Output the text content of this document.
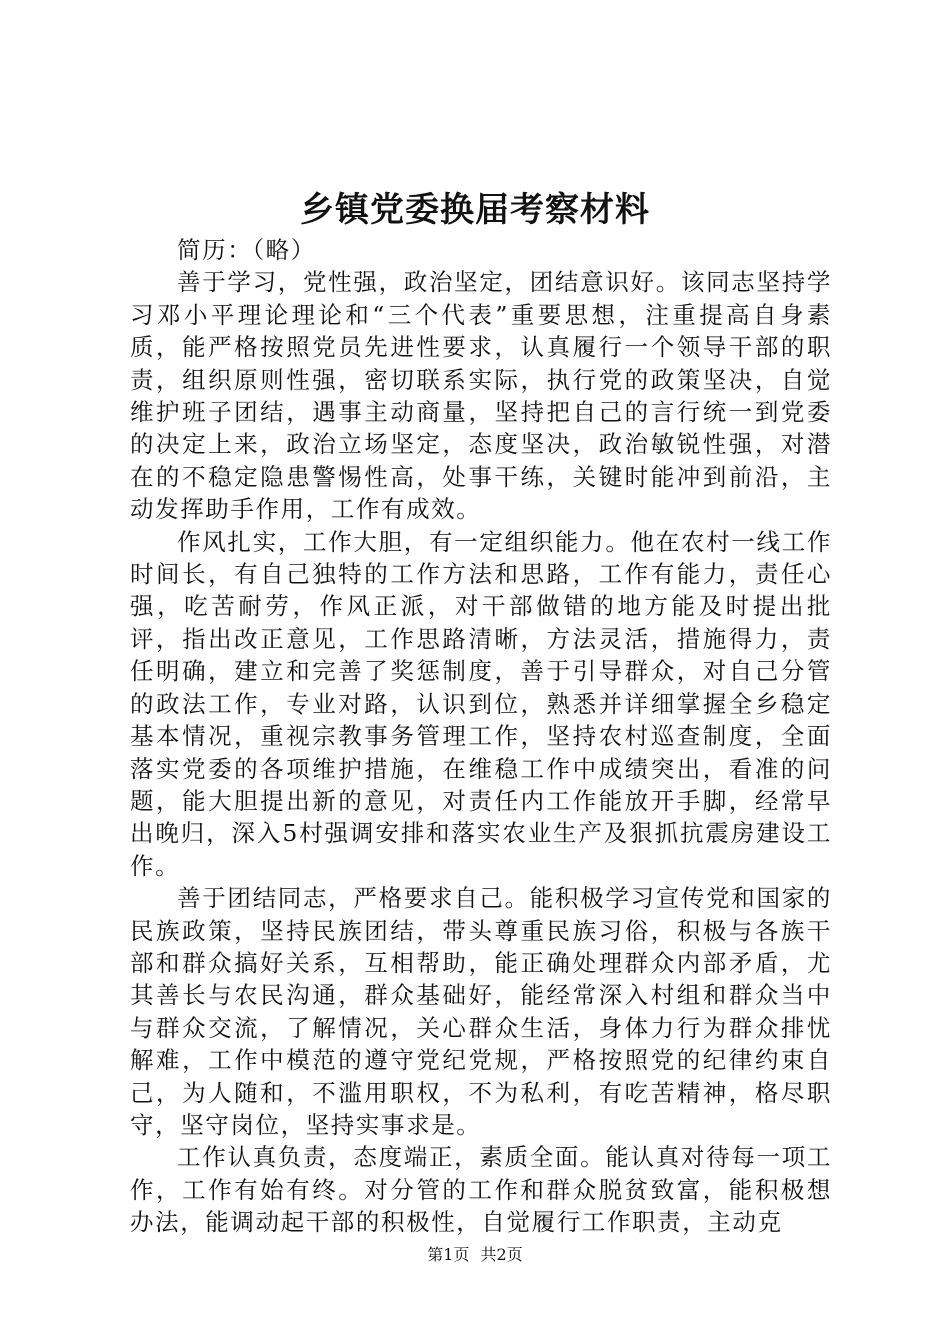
乡镇党委换届考察材料

简历：（略）

善于学习，党性强，政治坚定，团结意识好。该同志坚持学习邓小平理论理论和“三个代表”重要思想，注重提高自身素质，能严格按照党员先进性要求，认真履行一个领导干部的职责，组织原则性强，密切联系实际，执行党的政策坚决，自觉维护班子团结，遇事主动商量，坚持把自己的言行统一到党委的决定上来，政治立场坚定，态度坚决，政治敏锐性强，对潜在的不稳定隐患警惕性高，处事干练，关键时能冲到前沿，主动发挥助手作用，工作有成效。

作风扎实，工作大胆，有一定组织能力。他在农村一线工作时间长，有自己独特的工作方法和思路，工作有能力，责任心强，吃苦耐劳，作风正派，对干部做错的地方能及时提出批评，指出改正意见，工作思路清晰，方法灵活，措施得力，责任明确，建立和完善了奖惩制度，善于引导群众，对自己分管的政法工作，专业对路，认识到位，熟悉并详细掌握全乡稳定基本情况，重视宗教事务管理工作，坚持农村巡查制度，全面落实党委的各项维护措施，在维稳工作中成绩突出，看准的问题，能大胆提出新的意见，对责任内工作能放开手脚，经常早出晚归，深入5村强调安排和落实农业生产及狠抓抗震房建设工作。

善于团结同志，严格要求自己。能积极学习宣传党和国家的民族政策，坚持民族团结，带头尊重民族习俗，积极与各族干部和群众搞好关系，互相帮助，能正确处理群众内部矛盾，尤其善长与农民沟通，群众基础好，能经常深入村组和群众当中与群众交流，了解情况，关心群众生活，身体力行为群众排忧解难，工作中模范的遵守党纪党规，严格按照党的纪律约束自己，为人随和，不滥用职权，不为私利，有吃苦精神，格尽职守，坚守岗位，坚持实事求是。

工作认真负责，态度端正，素质全面。能认真对待每一项工作，工作有始有终。对分管的工作和群众脱贫致富，能积极想办法，能调动起干部的积极性，自觉履行工作职责，主动克

第1页 共2页
